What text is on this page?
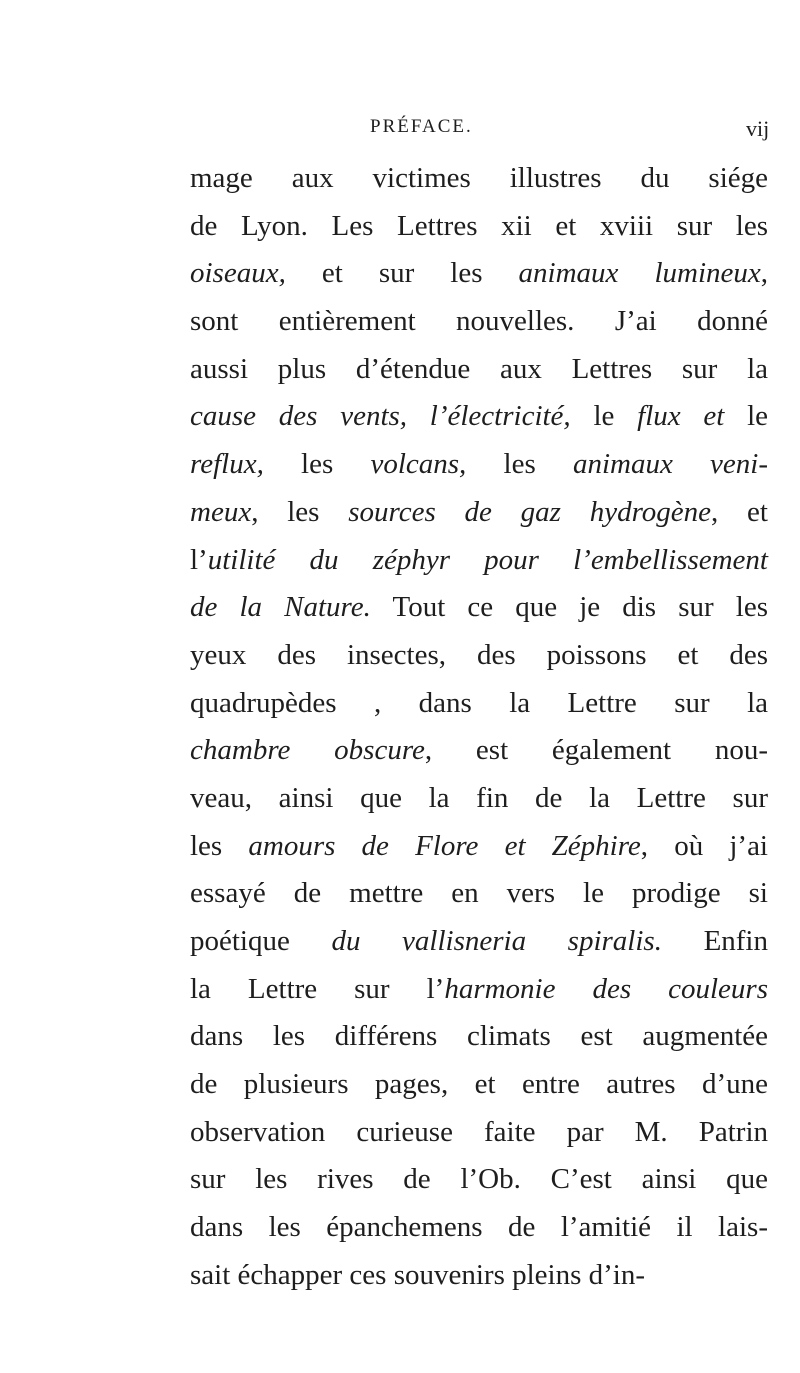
PRÉFACE.	vij
mage aux victimes illustres du siége
de Lyon. Les Lettres xii et xviii sur les
oiseaux, et sur les animaux lumineux,
sont entièrement nouvelles. J’ai donné
aussi plus d’étendue aux Lettres sur la
cause des vents, l’électricité, le flux et le
reflux, les volcans, les animaux veni-
meux, les sources de gaz hydrogène, et
l’utilité du zéphyr pour l’embellissement
de la Nature. Tout ce que je dis sur les
yeux des insectes, des poissons et des
quadrupèdes , dans la Lettre sur la
chambre obscure, est également nou-
veau, ainsi que la fin de la Lettre sur
les amours de Flore et Zéphire, où j’ai
essayé de mettre en vers le prodige si
poétique du vallisneria spiralis. Enfin
la Lettre sur l’harmonie des couleurs
dans les différens climats est augmentée
de plusieurs pages, et entre autres d’une
observation curieuse faite par M. Patrin
sur les rives de l’Ob. C’est ainsi que
dans les épanchemens de l’amitié il lais-
sait échapper ces souvenirs pleins d’in-
